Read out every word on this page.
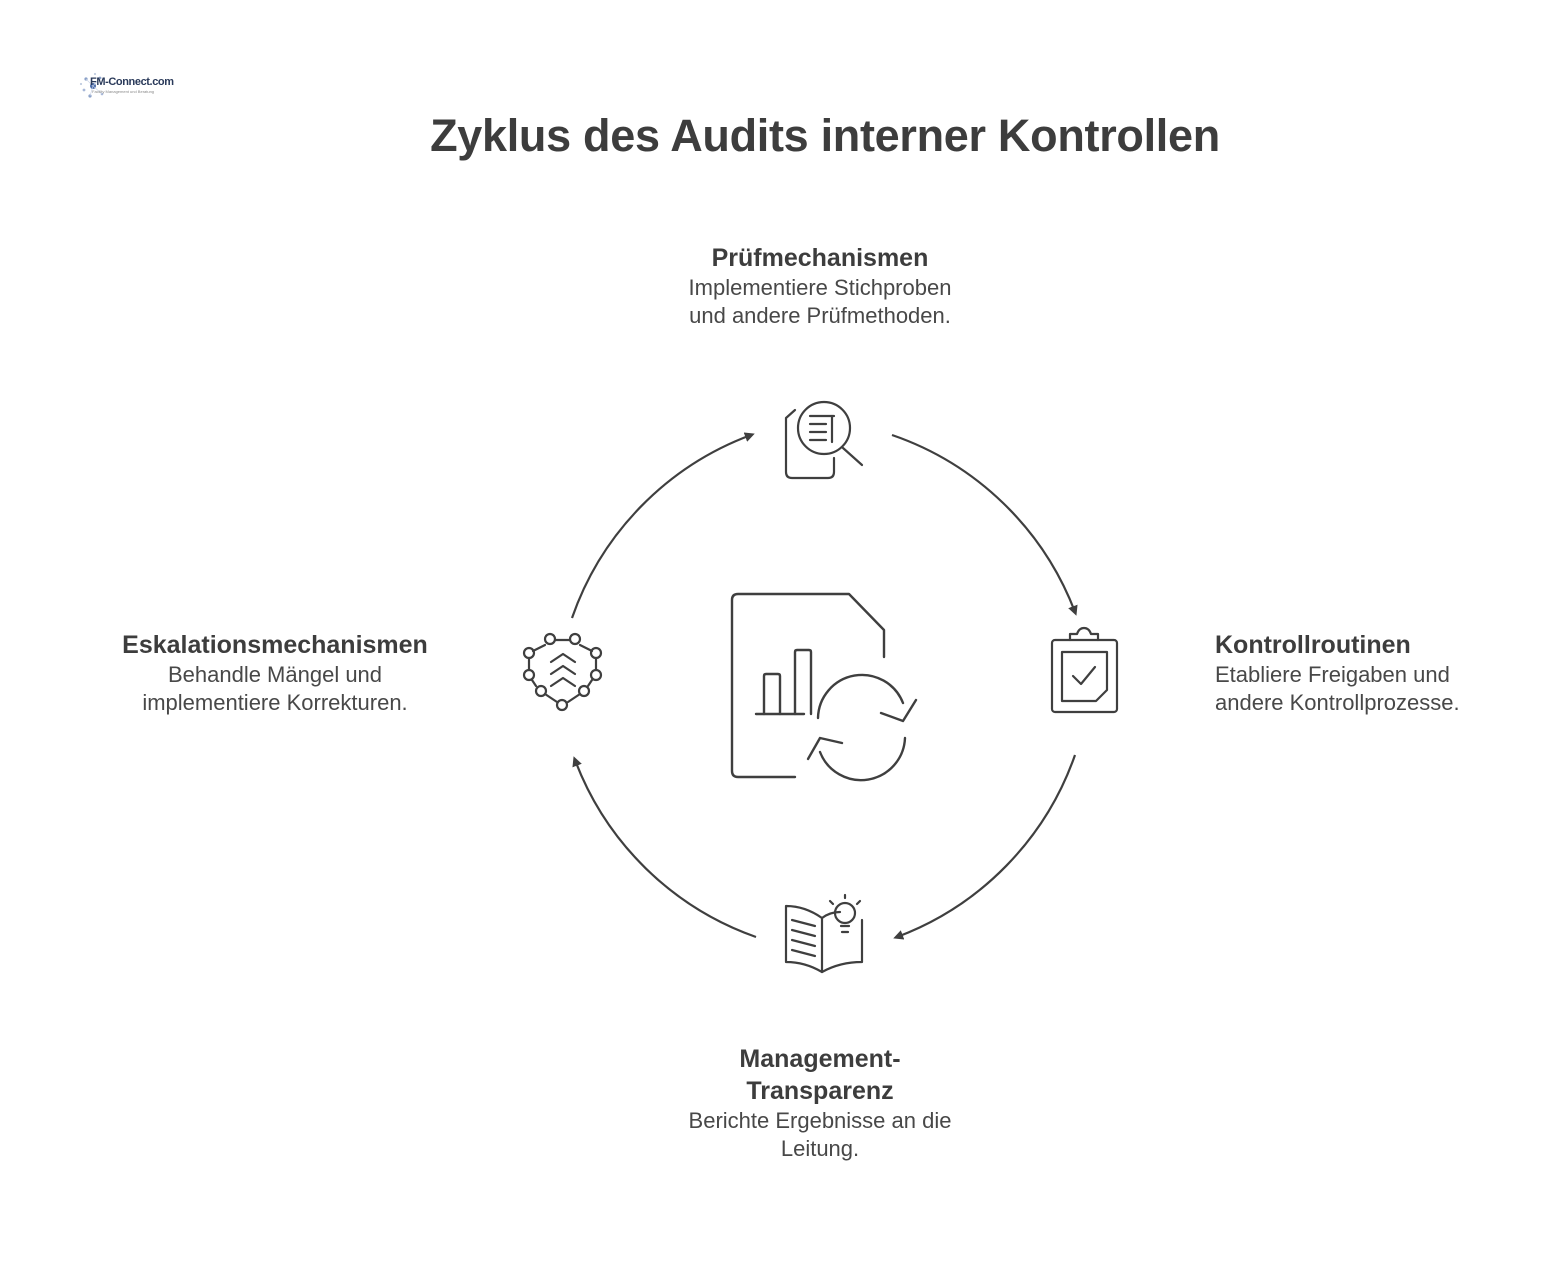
FM-Connect.com
Facility Management und Beratung
Zyklus des Audits interner Kontrollen
Prüfmechanismen
Implementiere Stichproben
und andere Prüfmethoden.
Kontrollroutinen
Etabliere Freigaben und
andere Kontrollprozesse.
Management-
Transparenz
Berichte Ergebnisse an die
Leitung.
Eskalationsmechanismen
Behandle Mängel und
implementiere Korrekturen.
